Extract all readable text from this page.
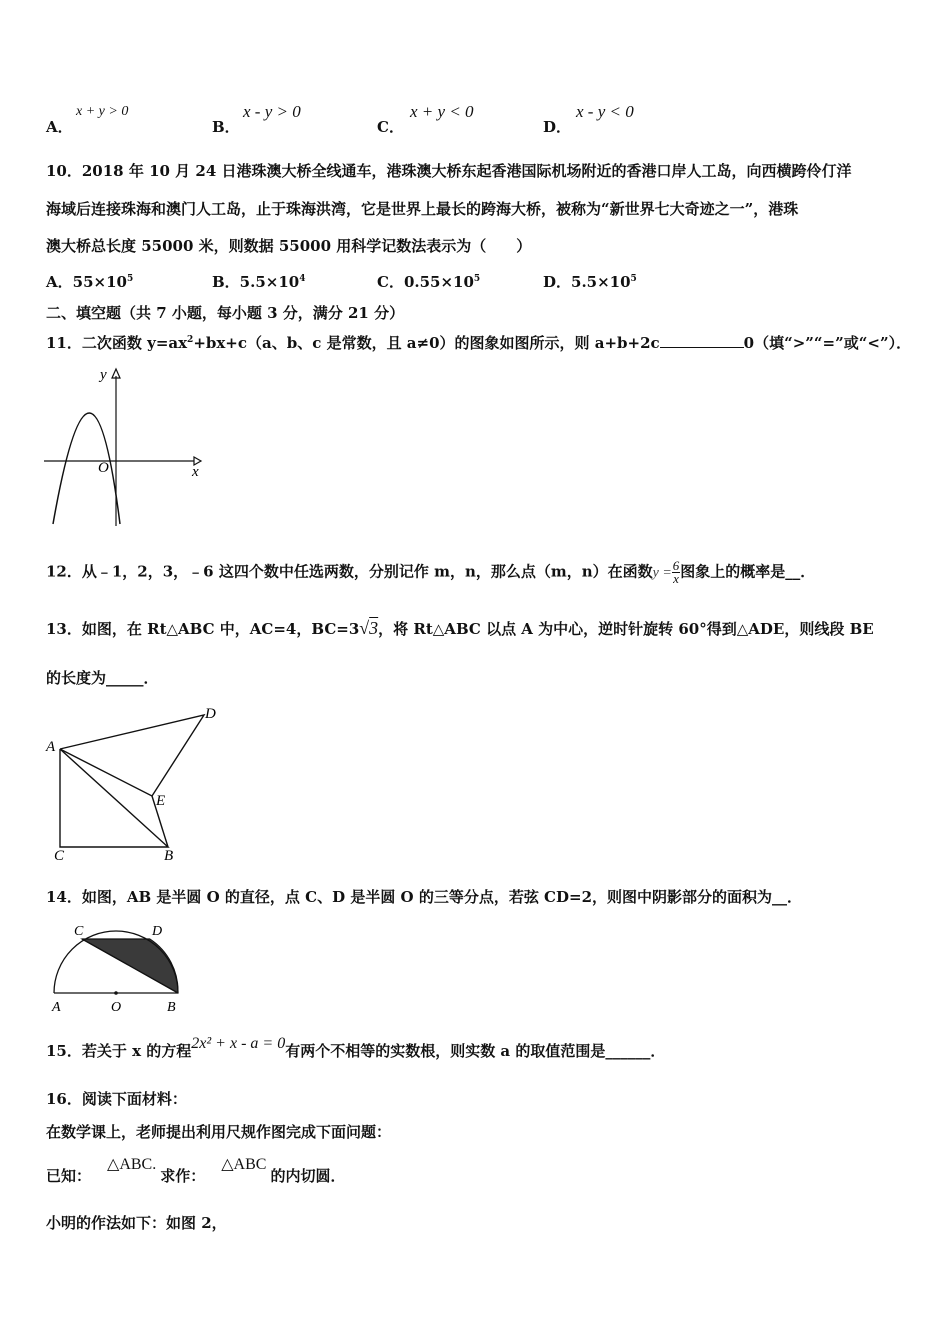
A．
x + y > 0
B．
x - y > 0
C．
x + y < 0
D．
x - y < 0
10．2018 年 10 月 24 日港珠澳大桥全线通车，港珠澳大桥东起香港国际机场附近的香港口岸人工岛，向西横跨伶仃洋
海域后连接珠海和澳门人工岛，止于珠海洪湾，它是世界上最长的跨海大桥，被称为“新世界七大奇迹之一”，港珠
澳大桥总长度 55000 米，则数据 55000 用科学记数法表示为（　　）
A．$55\times 10^5$	B．$5.5\times 10^4$	C．$0.55\times 10^5$	D．$5.5\times 10^5$
二、填空题（共 7 小题，每小题 3 分，满分 21 分）
11．二次函数 $y=ax^2+bx+c(a$、b、c 是常数，且 a≠0）的图象如图所示，则 a+b+2c	0（填“>”“=”或“<”）．
y
x
O
12．从﹣1，2，3，﹣6 这四个数中任选两数，分别记作 m，n，那么点（m，n）在函数$y = \frac{6}{x}$ 图象上的概率是__．
13．如图，在 Rt△ABC 中，AC=4，BC=3√3，将 Rt△ABC 以点 A 为中心，逆时针旋转 60°得到△ADE，则线段 BE
的长度为_____．
A
D
E
C	B
14．如图，AB 是半圆 O 的直径，点 C、D 是半圆 O 的三等分点，若弦 CD=2，则图中阴影部分的面积为__．
C	D
A	O	B
15．若关于 x 的方程2x² + x - a = 0有两个不相等的实数根，则实数 a 的取值范围是______．
16．阅读下面材料：
在数学课上，老师提出利用尺规作图完成下面问题：
已知：△ABC.求作：△ABC的内切圆．
小明的作法如下：如图 2，
